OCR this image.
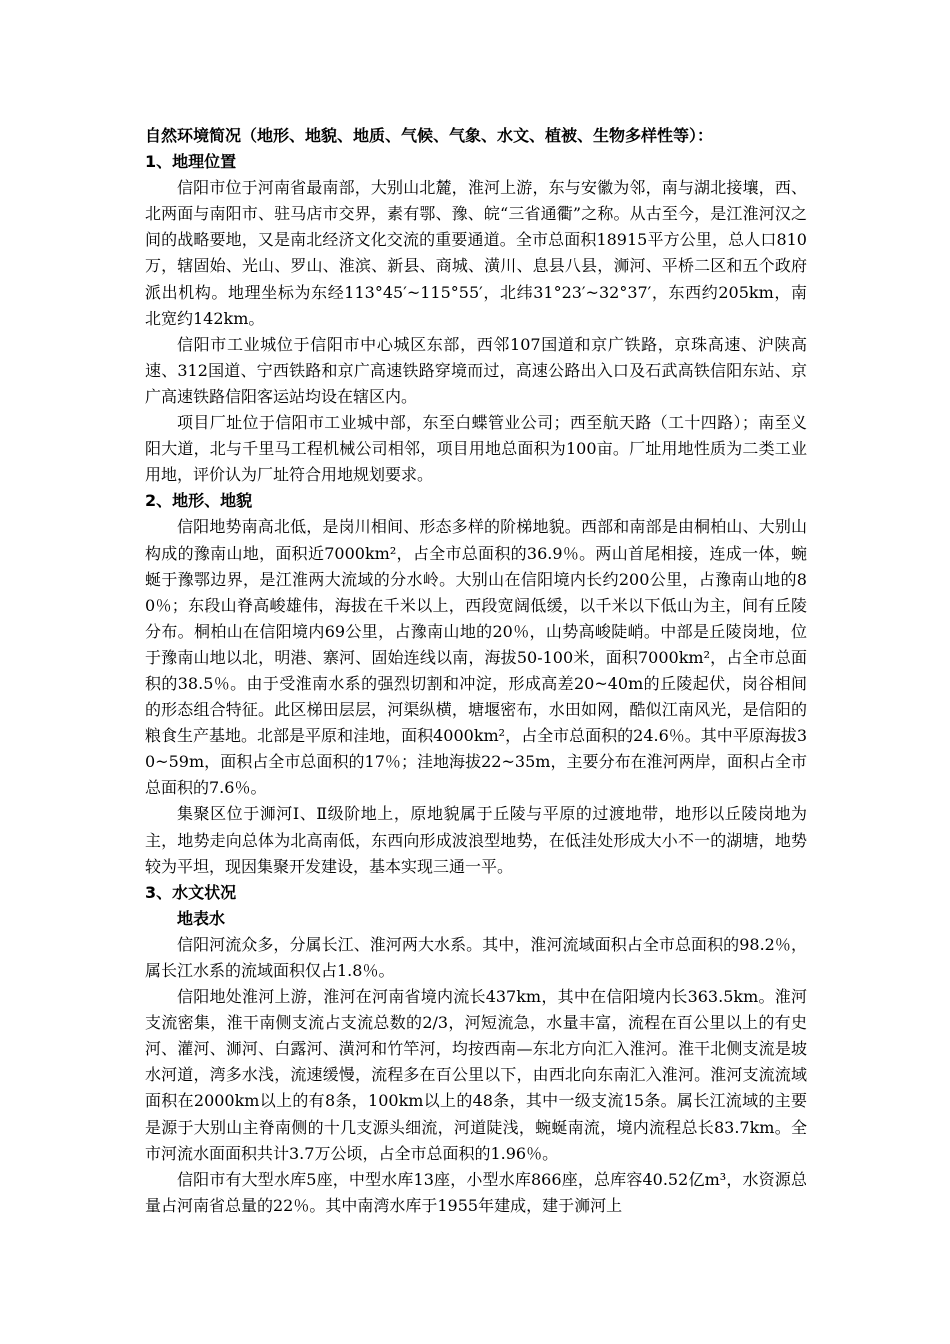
自然环境简况（地形、地貌、地质、气候、气象、水文、植被、生物多样性等）：

1、地理位置

信阳市位于河南省最南部，大别山北麓，淮河上游，东与安徽为邻，南与湖北接壤，西、北两面与南阳市、驻马店市交界，素有鄂、豫、皖“三省通衢”之称。从古至今，是江淮河汉之间的战略要地，又是南北经济文化交流的重要通道。全市总面积18915平方公里，总人口810万，辖固始、光山、罗山、淮滨、新县、商城、潢川、息县八县，浉河、平桥二区和五个政府派出机构。地理坐标为东经113°45′~115°55′，北纬31°23′~32°37′，东西约205km，南北宽约142km。

信阳市工业城位于信阳市中心城区东部，西邻107国道和京广铁路，京珠高速、沪陕高速、312国道、宁西铁路和京广高速铁路穿境而过，高速公路出入口及石武高铁信阳东站、京广高速铁路信阳客运站均设在辖区内。

项目厂址位于信阳市工业城中部，东至白蝶管业公司；西至航天路（工十四路）；南至义阳大道，北与千里马工程机械公司相邻，项目用地总面积为100亩。厂址用地性质为二类工业用地，评价认为厂址符合用地规划要求。

2、地形、地貌

信阳地势南高北低，是岗川相间、形态多样的阶梯地貌。西部和南部是由桐柏山、大别山构成的豫南山地，面积近7000km²，占全市总面积的36.9％。两山首尾相接，连成一体，蜿蜒于豫鄂边界，是江淮两大流域的分水岭。大别山在信阳境内长约200公里，占豫南山地的80％；东段山脊高峻雄伟，海拔在千米以上，西段宽阔低缓，以千米以下低山为主，间有丘陵分布。桐柏山在信阳境内69公里，占豫南山地的20％，山势高峻陡峭。中部是丘陵岗地，位于豫南山地以北，明港、寨河、固始连线以南，海拔50-100米，面积7000km²，占全市总面积的38.5％。由于受淮南水系的强烈切割和冲淀，形成高差20~40m的丘陵起伏，岗谷相间的形态组合特征。此区梯田层层，河渠纵横，塘堰密布，水田如网，酷似江南风光，是信阳的粮食生产基地。北部是平原和洼地，面积4000km²，占全市总面积的24.6％。其中平原海拔30~59m，面积占全市总面积的17％；洼地海拔22~35m，主要分布在淮河两岸，面积占全市总面积的7.6％。

集聚区位于浉河Ⅰ、Ⅱ级阶地上，原地貌属于丘陵与平原的过渡地带，地形以丘陵岗地为主，地势走向总体为北高南低，东西向形成波浪型地势，在低洼处形成大小不一的湖塘，地势较为平坦，现因集聚开发建设，基本实现三通一平。

3、水文状况

地表水

信阳河流众多，分属长江、淮河两大水系。其中，淮河流域面积占全市总面积的98.2％，属长江水系的流域面积仅占1.8％。

信阳地处淮河上游，淮河在河南省境内流长437km，其中在信阳境内长363.5km。淮河支流密集，淮干南侧支流占支流总数的2/3，河短流急，水量丰富，流程在百公里以上的有史河、灌河、浉河、白露河、潢河和竹竿河，均按西南—东北方向汇入淮河。淮干北侧支流是坡水河道，湾多水浅，流速缓慢，流程多在百公里以下，由西北向东南汇入淮河。淮河支流流域面积在2000km以上的有8条，100km以上的48条，其中一级支流15条。属长江流域的主要是源于大别山主脊南侧的十几支源头细流，河道陡浅，蜿蜒南流，境内流程总长83.7km。全市河流水面面积共计3.7万公顷，占全市总面积的1.96％。

信阳市有大型水库5座，中型水库13座，小型水库866座，总库容40.52亿m³，水资源总量占河南省总量的22％。其中南湾水库于1955年建成，建于浉河上
